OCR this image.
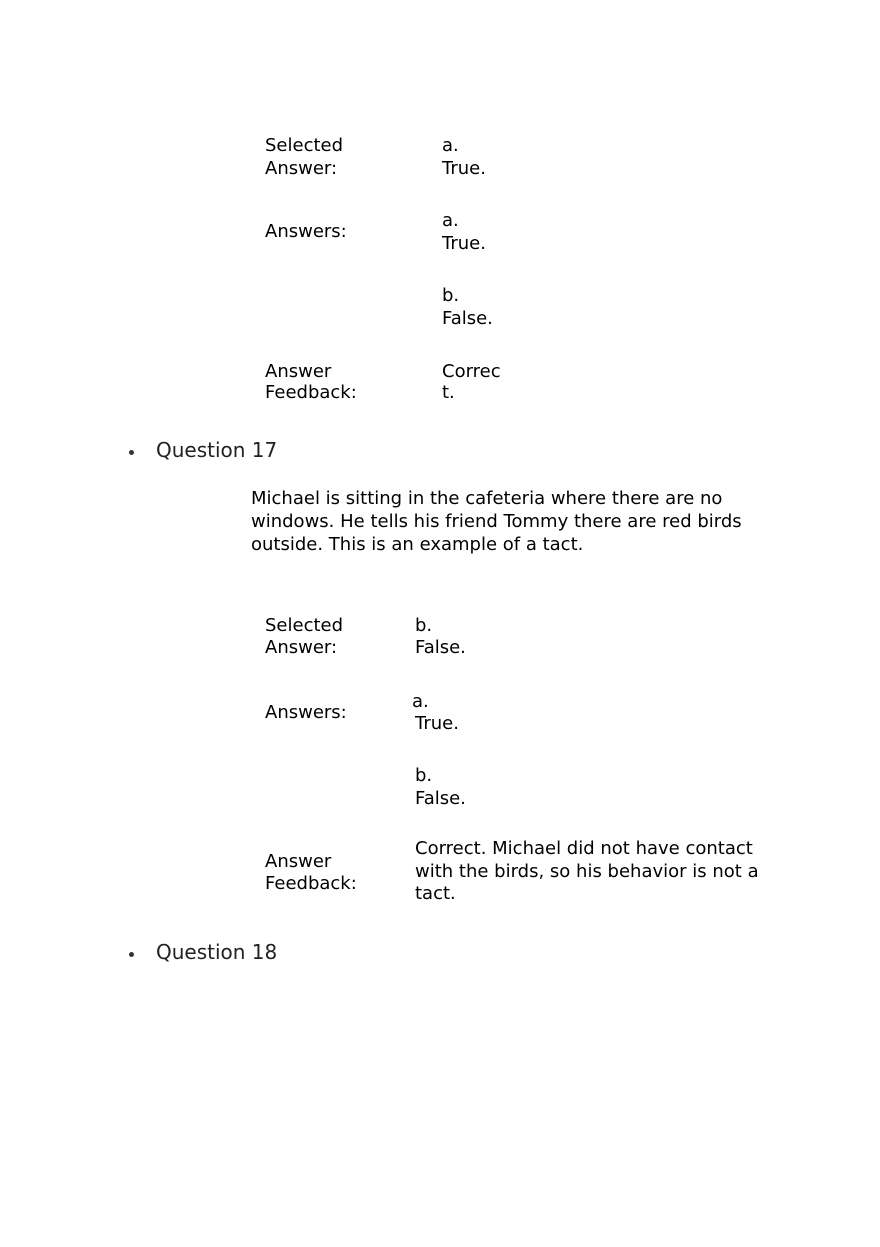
Selected
Answer:
a.
True.
Answers:
a.
True.
b.
False.
Answer
Feedback:
Correc
t.
Question 17
Michael is sitting in the cafeteria where there are no windows. He tells his friend Tommy there are red birds outside. This is an example of a tact.
Selected
Answer:
b.
False.
Answers:
a.
True.
b.
False.
Answer
Feedback:
Correct. Michael did not have contact with the birds, so his behavior is not a tact.
Question 18
